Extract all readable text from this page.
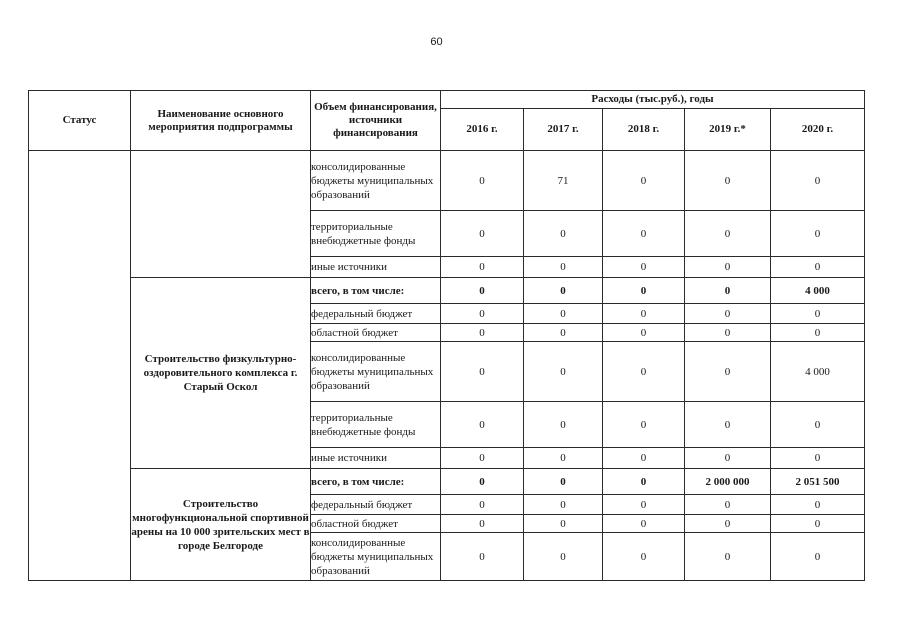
60
Статус	Наименование основного мероприятия подпрограммы	Объем финансирования, источники финансирования	Расходы (тыс.руб.), годы				
			2016 г.	2017 г.	2018 г.	2019 г.*	2020 г.
		консолидированные бюджеты муниципальных образований	0	71	0	0	0
		территориальные внебюджетные фонды	0	0	0	0	0
		иные источники	0	0	0	0	0
	Строительство физкультурно-оздоровительного комплекса г. Старый Оскол	всего, в том числе:	0	0	0	0	4 000
		федеральный бюджет	0	0	0	0	0
		областной бюджет	0	0	0	0	0
		консолидированные бюджеты муниципальных образований	0	0	0	0	4 000
		территориальные внебюджетные фонды	0	0	0	0	0
		иные источники	0	0	0	0	0
	Строительство многофункциональной спортивной арены на 10 000 зрительских мест в городе Белгороде	всего, в том числе:	0	0	0	2 000 000	2 051 500
		федеральный бюджет	0	0	0	0	0
		областной бюджет	0	0	0	0	0
		консолидированные бюджеты муниципальных образований	0	0	0	0	0
